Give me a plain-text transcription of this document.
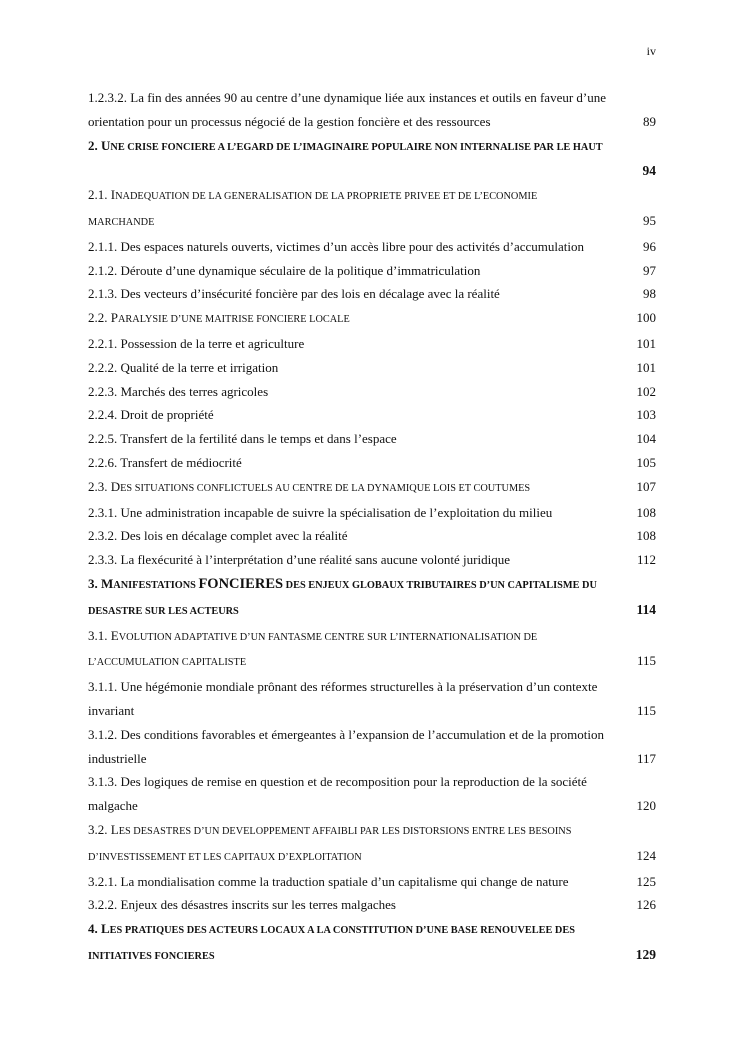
iv
1.2.3.2. La fin des années 90 au centre d’une dynamique liée aux instances et outils en faveur d’une
orientation pour un processus négocié de la gestion foncière et des ressources	89
2. UNE CRISE FONCIERE A L’EGARD DE L’IMAGINAIRE POPULAIRE NON INTERNALISE PAR LE HAUT
94
2.1. INADEQUATION DE LA GENERALISATION DE LA PROPRIETE PRIVEE ET DE L’ECONOMIE
MARCHANDE	95
2.1.1. Des espaces naturels ouverts, victimes d’un accès libre pour des activités d’accumulation	96
2.1.2. Déroute d’une dynamique séculaire de la politique d’immatriculation	97
2.1.3. Des vecteurs d’insécurité foncière par des lois en décalage avec la réalité	98
2.2. PARALYSIE D’UNE MAITRISE FONCIERE LOCALE	100
2.2.1. Possession de la terre et agriculture	101
2.2.2. Qualité de la terre et irrigation	101
2.2.3. Marchés des terres agricoles	102
2.2.4. Droit de propriété	103
2.2.5. Transfert de la fertilité dans le temps et dans l’espace	104
2.2.6. Transfert de médiocrité	105
2.3. DES SITUATIONS CONFLICTUELS AU CENTRE DE LA DYNAMIQUE LOIS ET COUTUMES	107
2.3.1. Une administration incapable de suivre la spécialisation de l’exploitation du milieu	108
2.3.2. Des lois en décalage complet avec la réalité	108
2.3.3. La flexécurité à l’interprétation d’une réalité sans aucune volonté juridique	112
3. MANIFESTATIONS FONCIERES DES ENJEUX GLOBAUX TRIBUTAIRES D’UN CAPITALISME DU
DESASTRE SUR LES ACTEURS	114
3.1. EVOLUTION ADAPTATIVE D’UN FANTASME CENTRE SUR L’INTERNATIONALISATION DE
L’ACCUMULATION CAPITALISTE	115
3.1.1. Une hégémonie mondiale prônant des réformes structurelles à la préservation d’un contexte
invariant	115
3.1.2. Des conditions favorables et émergeantes à l’expansion de l’accumulation et de la promotion
industrielle	117
3.1.3. Des logiques de remise en question et de recomposition pour la reproduction de la société
malgache	120
3.2. LES DESASTRES D’UN DEVELOPPEMENT AFFAIBLI PAR LES DISTORSIONS ENTRE LES BESOINS
D’INVESTISSEMENT ET LES CAPITAUX D’EXPLOITATION	124
3.2.1. La mondialisation comme la traduction spatiale d’un capitalisme qui change de nature	125
3.2.2. Enjeux des désastres inscrits sur les terres malgaches	126
4. LES PRATIQUES DES ACTEURS LOCAUX A LA CONSTITUTION D’UNE BASE RENOUVELEE DES
INITIATIVES FONCIERES	129
